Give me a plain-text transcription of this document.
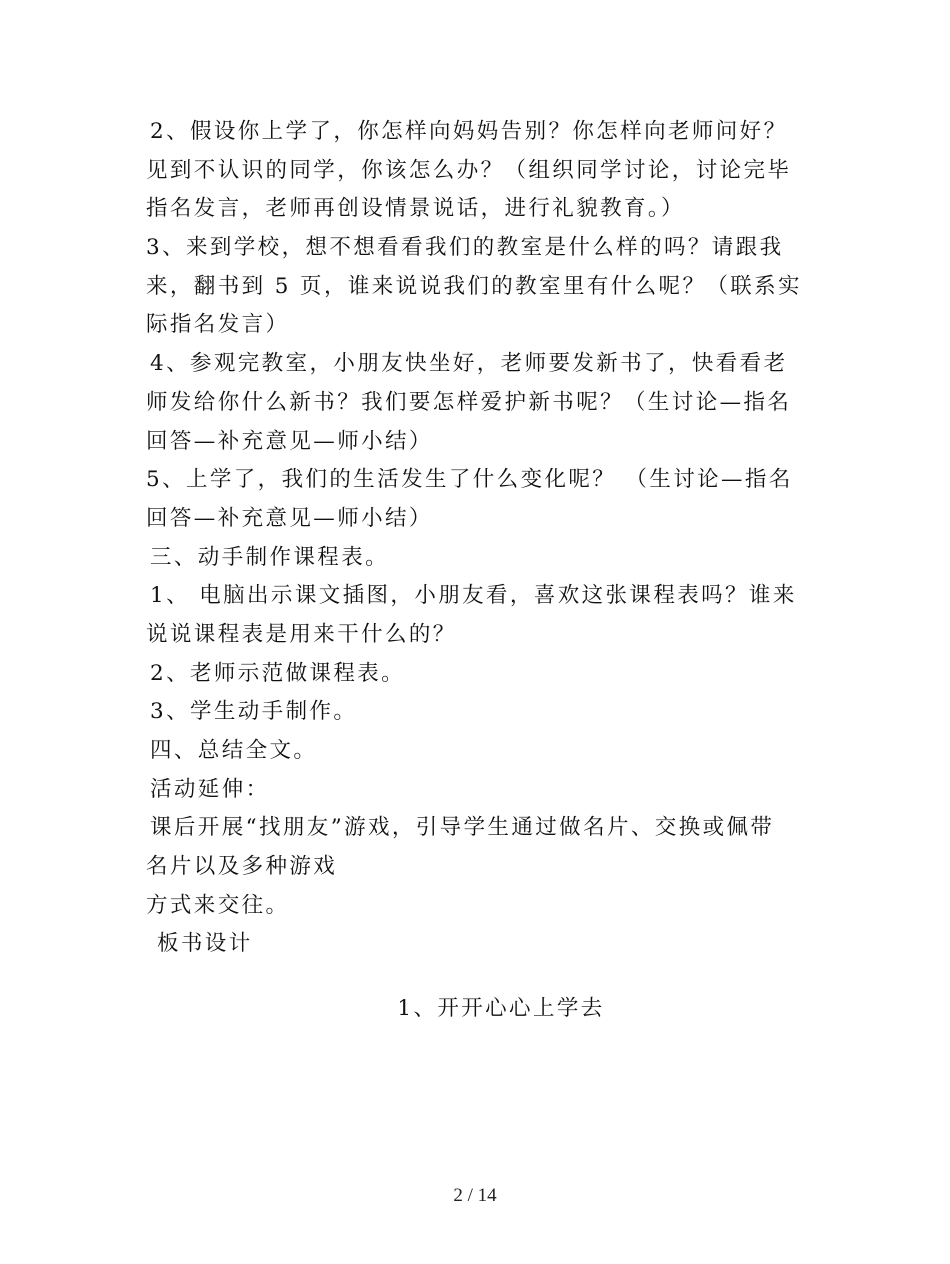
2、假设你上学了，你怎样向妈妈告别？你怎样向老师问好？
见到不认识的同学，你该怎么办？（组织同学讨论，讨论完毕
指名发言，老师再创设情景说话，进行礼貌教育。）
3、来到学校，想不想看看我们的教室是什么样的吗？请跟我
来，翻书到 5 页，谁来说说我们的教室里有什么呢？（联系实
际指名发言）
4、参观完教室，小朋友快坐好，老师要发新书了，快看看老
师发给你什么新书？我们要怎样爱护新书呢？（生讨论—指名
回答—补充意见—师小结）
5、上学了，我们的生活发生了什么变化呢？ （生讨论—指名
回答—补充意见—师小结）
三、动手制作课程表。
1、 电脑出示课文插图，小朋友看，喜欢这张课程表吗？谁来
说说课程表是用来干什么的？
2、老师示范做课程表。
3、学生动手制作。
四、总结全文。
活动延伸：
课后开展“找朋友”游戏，引导学生通过做名片、交换或佩带
名片以及多种游戏
方式来交往。
板书设计
1、开开心心上学去
2 / 14
